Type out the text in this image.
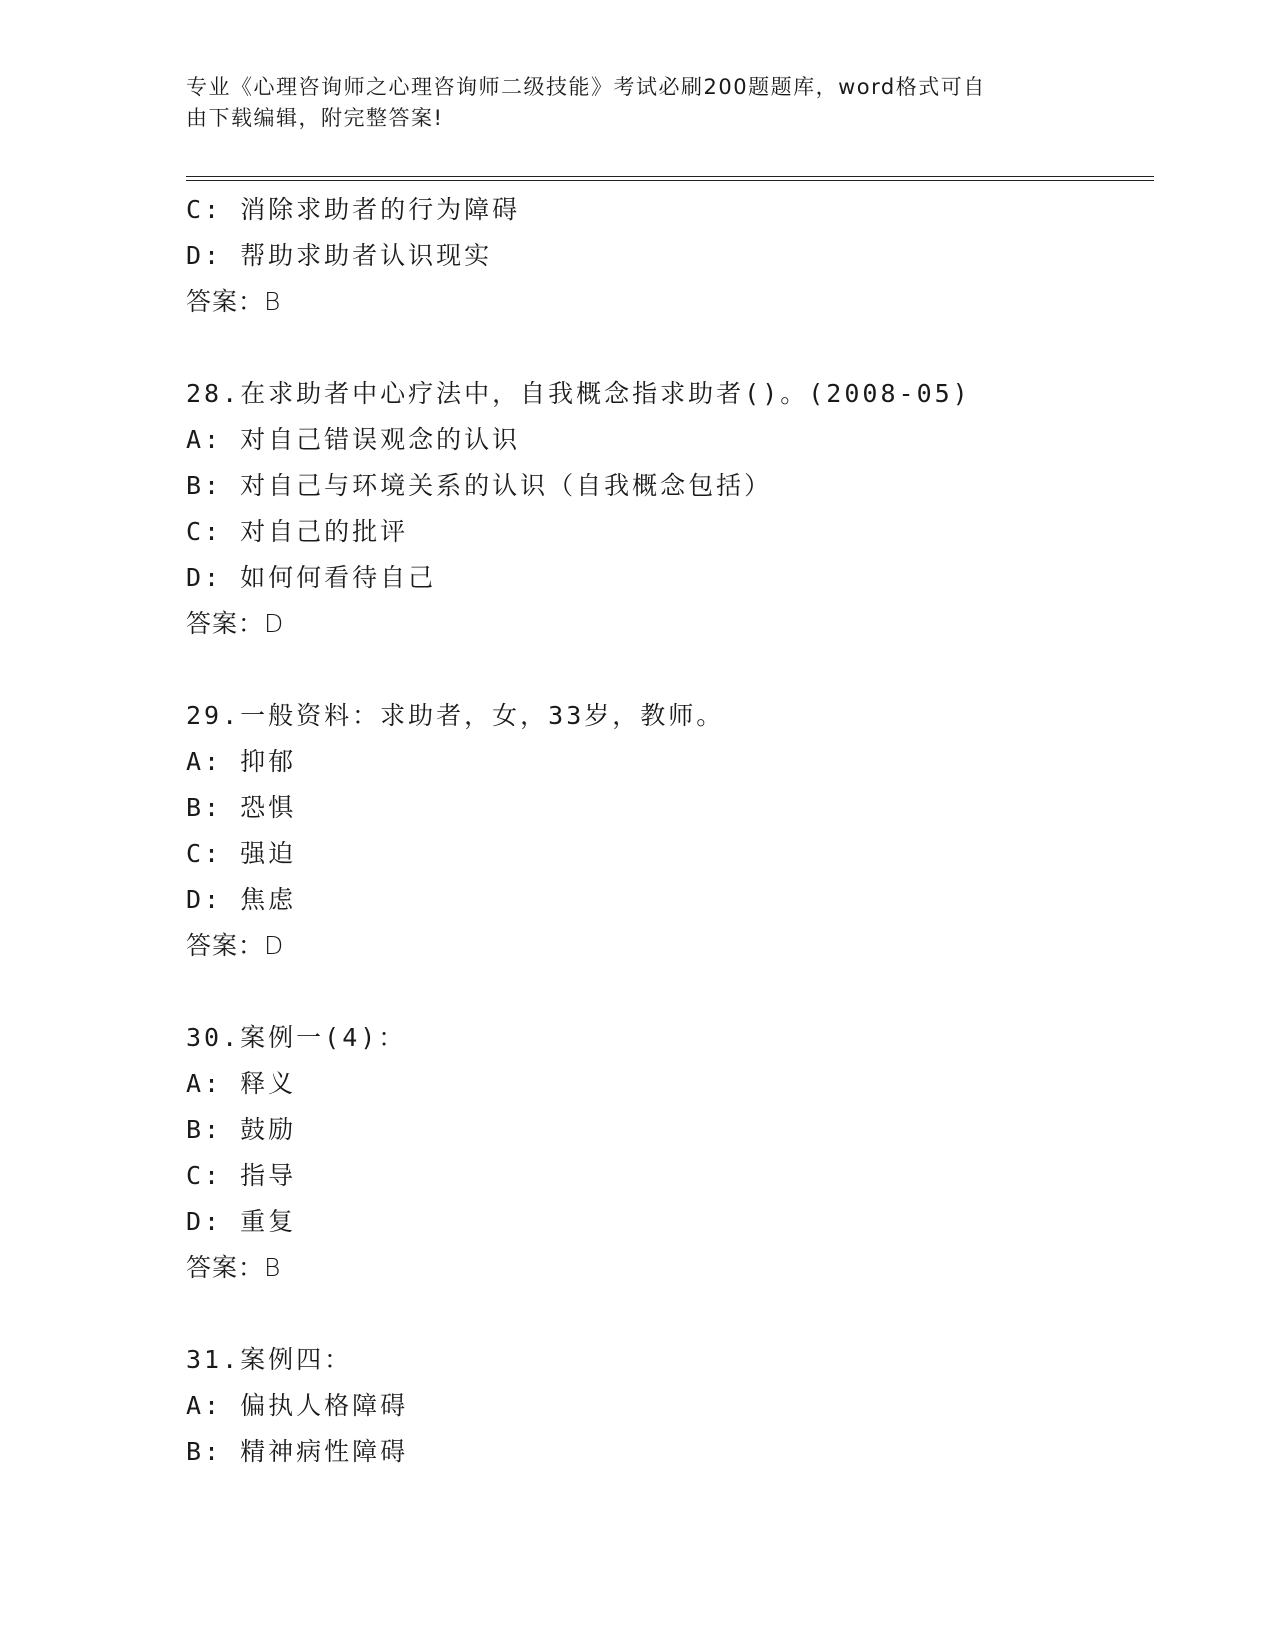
专业《心理咨询师之心理咨询师二级技能》考试必刷200题题库，word格式可自
由下载编辑，附完整答案!
C: 消除求助者的行为障碍
D: 帮助求助者认识现实
答案：B
28.在求助者中心疗法中，自我概念指求助者()。(2008-05)
A: 对自己错误观念的认识
B: 对自己与环境关系的认识（自我概念包括）
C: 对自己的批评
D: 如何何看待自己
答案：D
29.一般资料：求助者，女，33岁，教师。
A: 抑郁
B: 恐惧
C: 强迫
D: 焦虑
答案：D
30.案例一(4)：
A: 释义
B: 鼓励
C: 指导
D: 重复
答案：B
31.案例四：
A: 偏执人格障碍
B: 精神病性障碍
